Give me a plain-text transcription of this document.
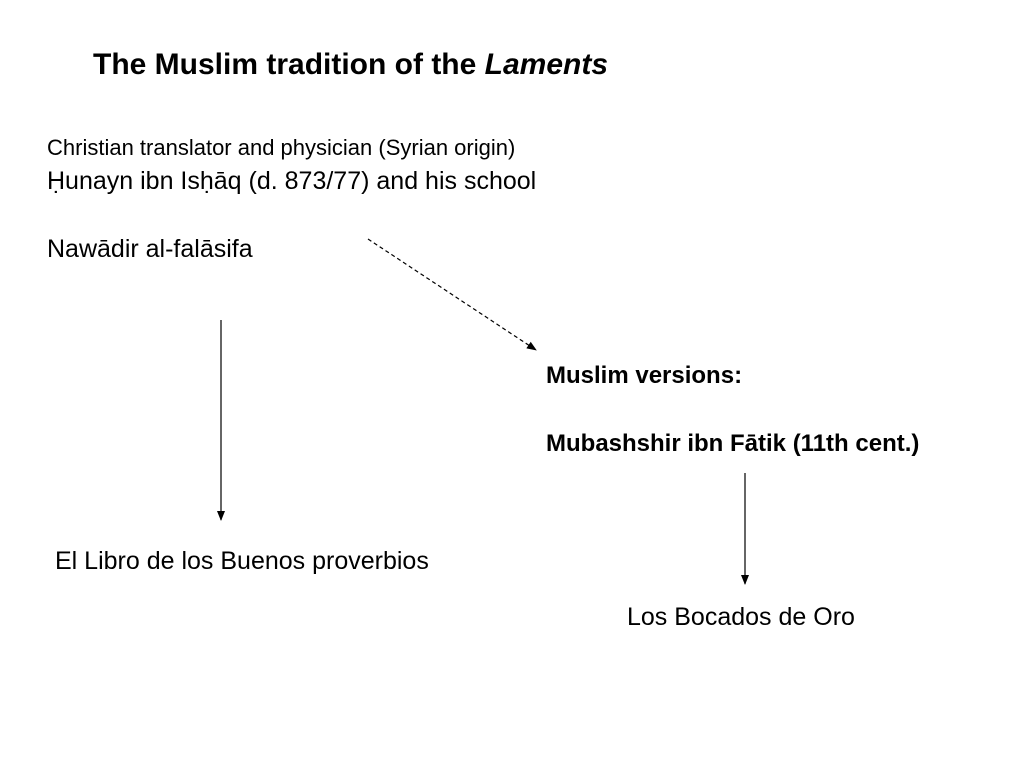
The Muslim tradition of the Laments
Christian translator and physician (Syrian origin)
Ḥunayn ibn Isḥāq (d. 873/77) and his school
Nawādir al-falāsifa
Muslim versions:
Mubashshir ibn Fātik (11th cent.)
El Libro de los Buenos proverbios
Los Bocados de Oro
